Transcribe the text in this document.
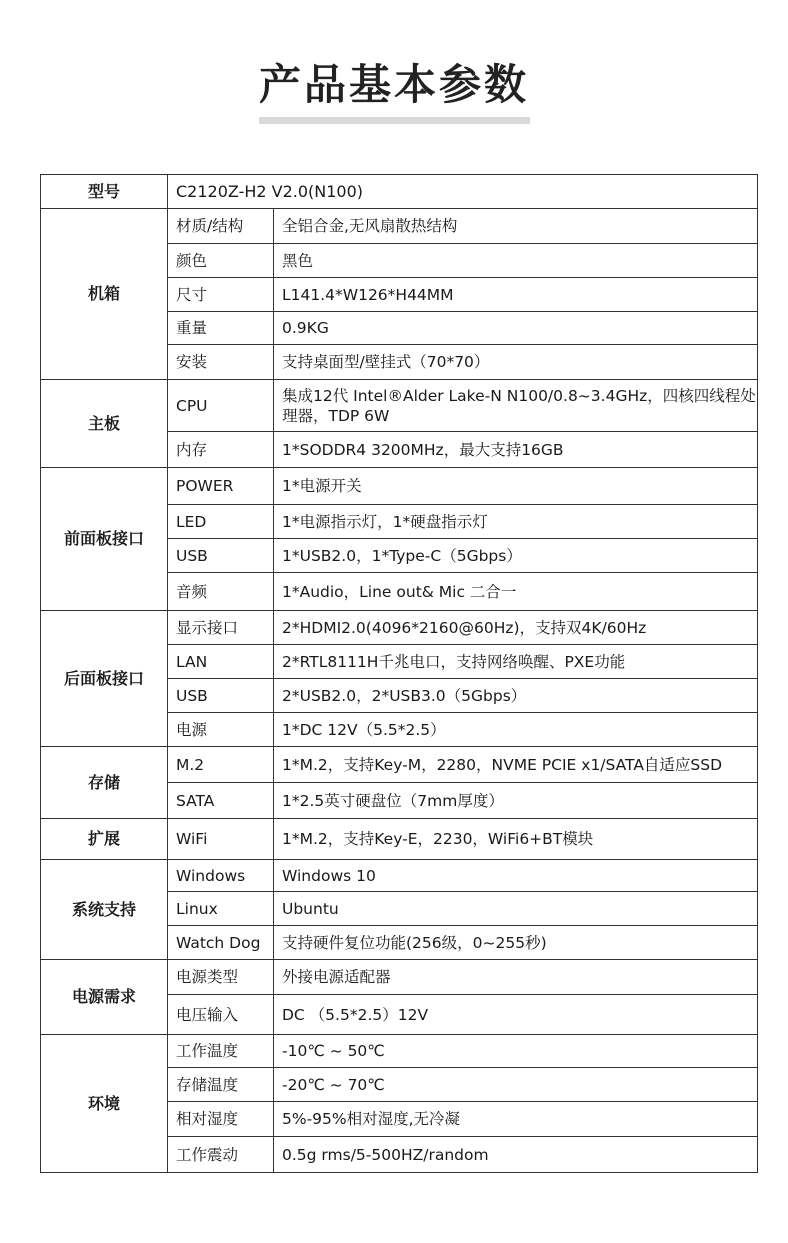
产品基本参数
型号	C2120Z-H2 V2.0(N100)	
机箱	材质/结构	全铝合金,无风扇散热结构
	颜色	黑色
	尺寸	L141.4*W126*H44MM
	重量	0.9KG
	安装	支持桌面型/壁挂式（70*70）
主板	CPU	集成12代 Intel®Alder Lake-N N100/0.8~3.4GHz，四核四线程处理器，TDP 6W
	内存	1*SODDR4 3200MHz，最大支持16GB
前面板接口	POWER	1*电源开关
	LED	1*电源指示灯，1*硬盘指示灯
	USB	1*USB2.0，1*Type-C（5Gbps）
	音频	1*Audio，Line out& Mic 二合一
后面板接口	显示接口	2*HDMI2.0(4096*2160@60Hz)，支持双4K/60Hz
	LAN	2*RTL8111H千兆电口，支持网络唤醒、PXE功能
	USB	2*USB2.0，2*USB3.0（5Gbps）
	电源	1*DC 12V（5.5*2.5）
存储	M.2	1*M.2，支持Key-M，2280，NVME PCIE x1/SATA自适应SSD
	SATA	1*2.5英寸硬盘位（7mm厚度）
扩展	WiFi	1*M.2，支持Key-E，2230，WiFi6+BT模块
系统支持	Windows	Windows 10
	Linux	Ubuntu
	Watch Dog	支持硬件复位功能(256级，0~255秒)
电源需求	电源类型	外接电源适配器
	电压输入	DC （5.5*2.5）12V
环境	工作温度	-10℃ ~ 50℃
	存储温度	-20℃ ~ 70℃
	相对湿度	5%-95%相对湿度,无冷凝
	工作震动	0.5g rms/5-500HZ/random
